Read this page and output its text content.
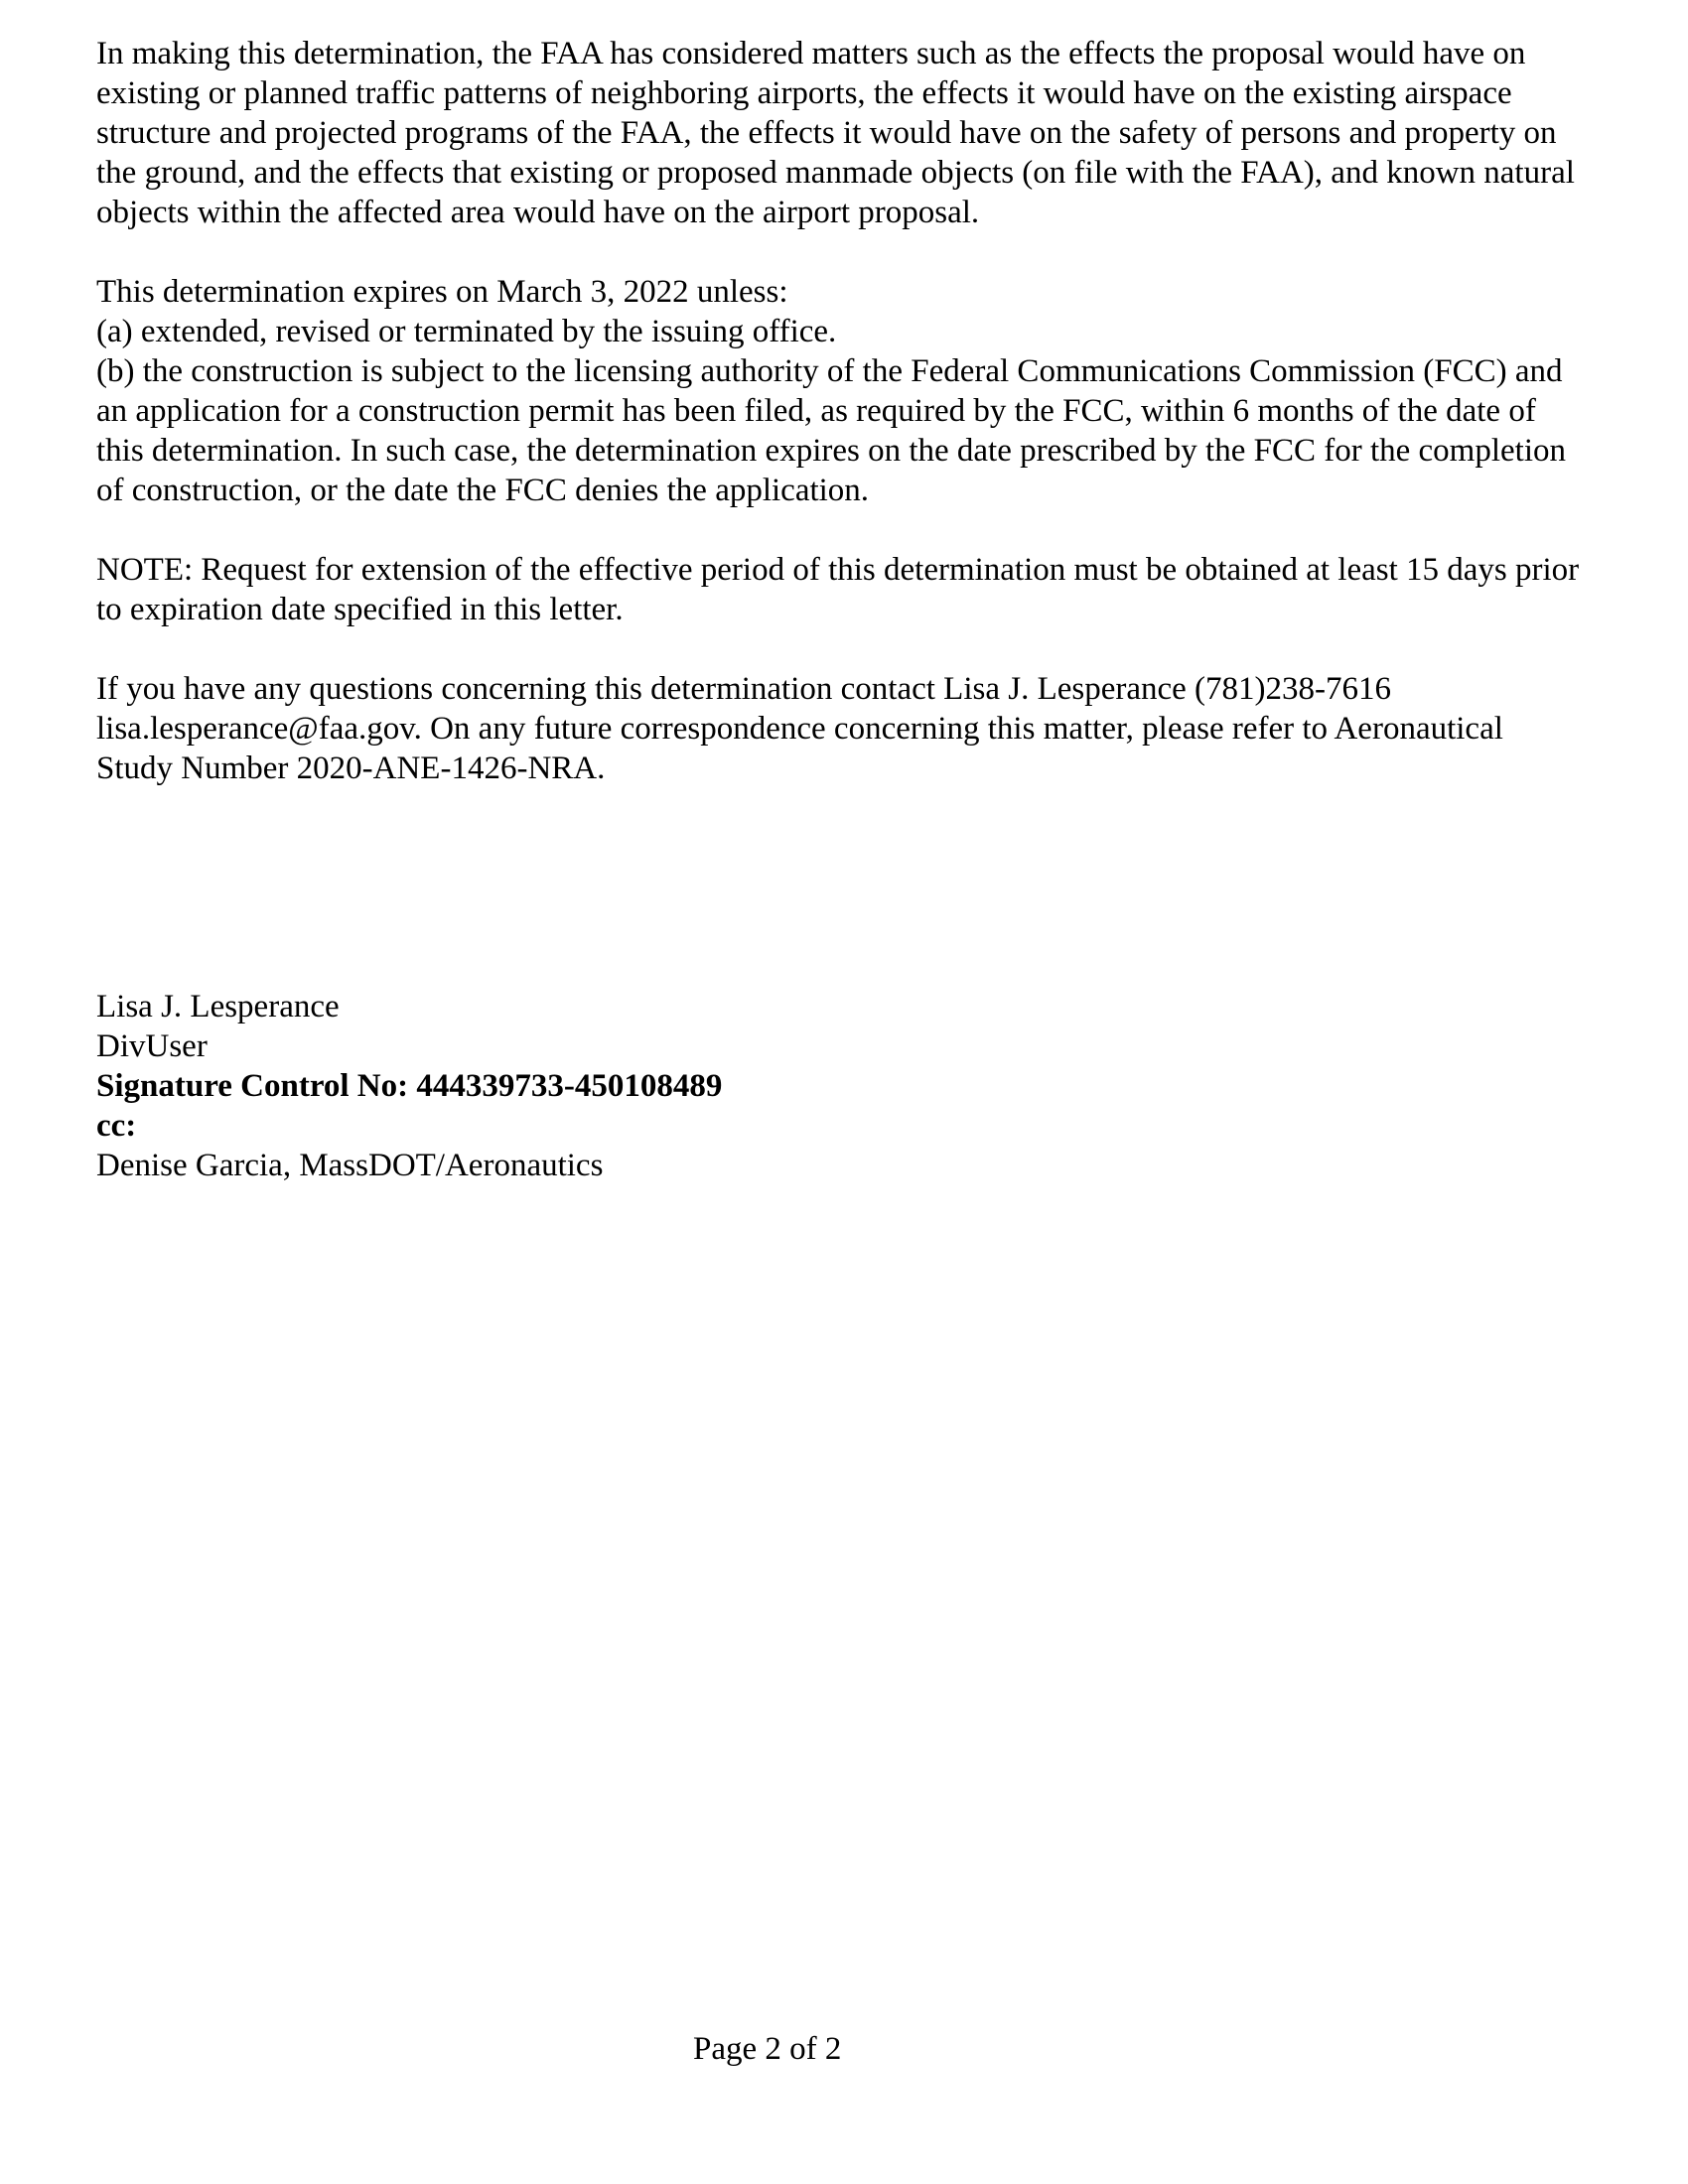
In making this determination, the FAA has considered matters such as the effects the proposal would have on existing or planned traffic patterns of neighboring airports, the effects it would have on the existing airspace structure and projected programs of the FAA, the effects it would have on the safety of persons and property on the ground, and the effects that existing or proposed manmade objects (on file with the FAA), and known natural objects within the affected area would have on the airport proposal.

This determination expires on March 3, 2022 unless:
(a) extended, revised or terminated by the issuing office.
(b) the construction is subject to the licensing authority of the Federal Communications Commission (FCC) and an application for a construction permit has been filed, as required by the FCC, within 6 months of the date of this determination. In such case, the determination expires on the date prescribed by the FCC for the completion of construction, or the date the FCC denies the application.

NOTE: Request for extension of the effective period of this determination must be obtained at least 15 days prior to expiration date specified in this letter.

If you have any questions concerning this determination contact Lisa J. Lesperance (781)238-7616 lisa.lesperance@faa.gov. On any future correspondence concerning this matter, please refer to Aeronautical Study Number 2020-ANE-1426-NRA.

Lisa J. Lesperance
DivUser
Signature Control No: 444339733-450108489
cc:
Denise Garcia, MassDOT/Aeronautics
Page 2 of 2
